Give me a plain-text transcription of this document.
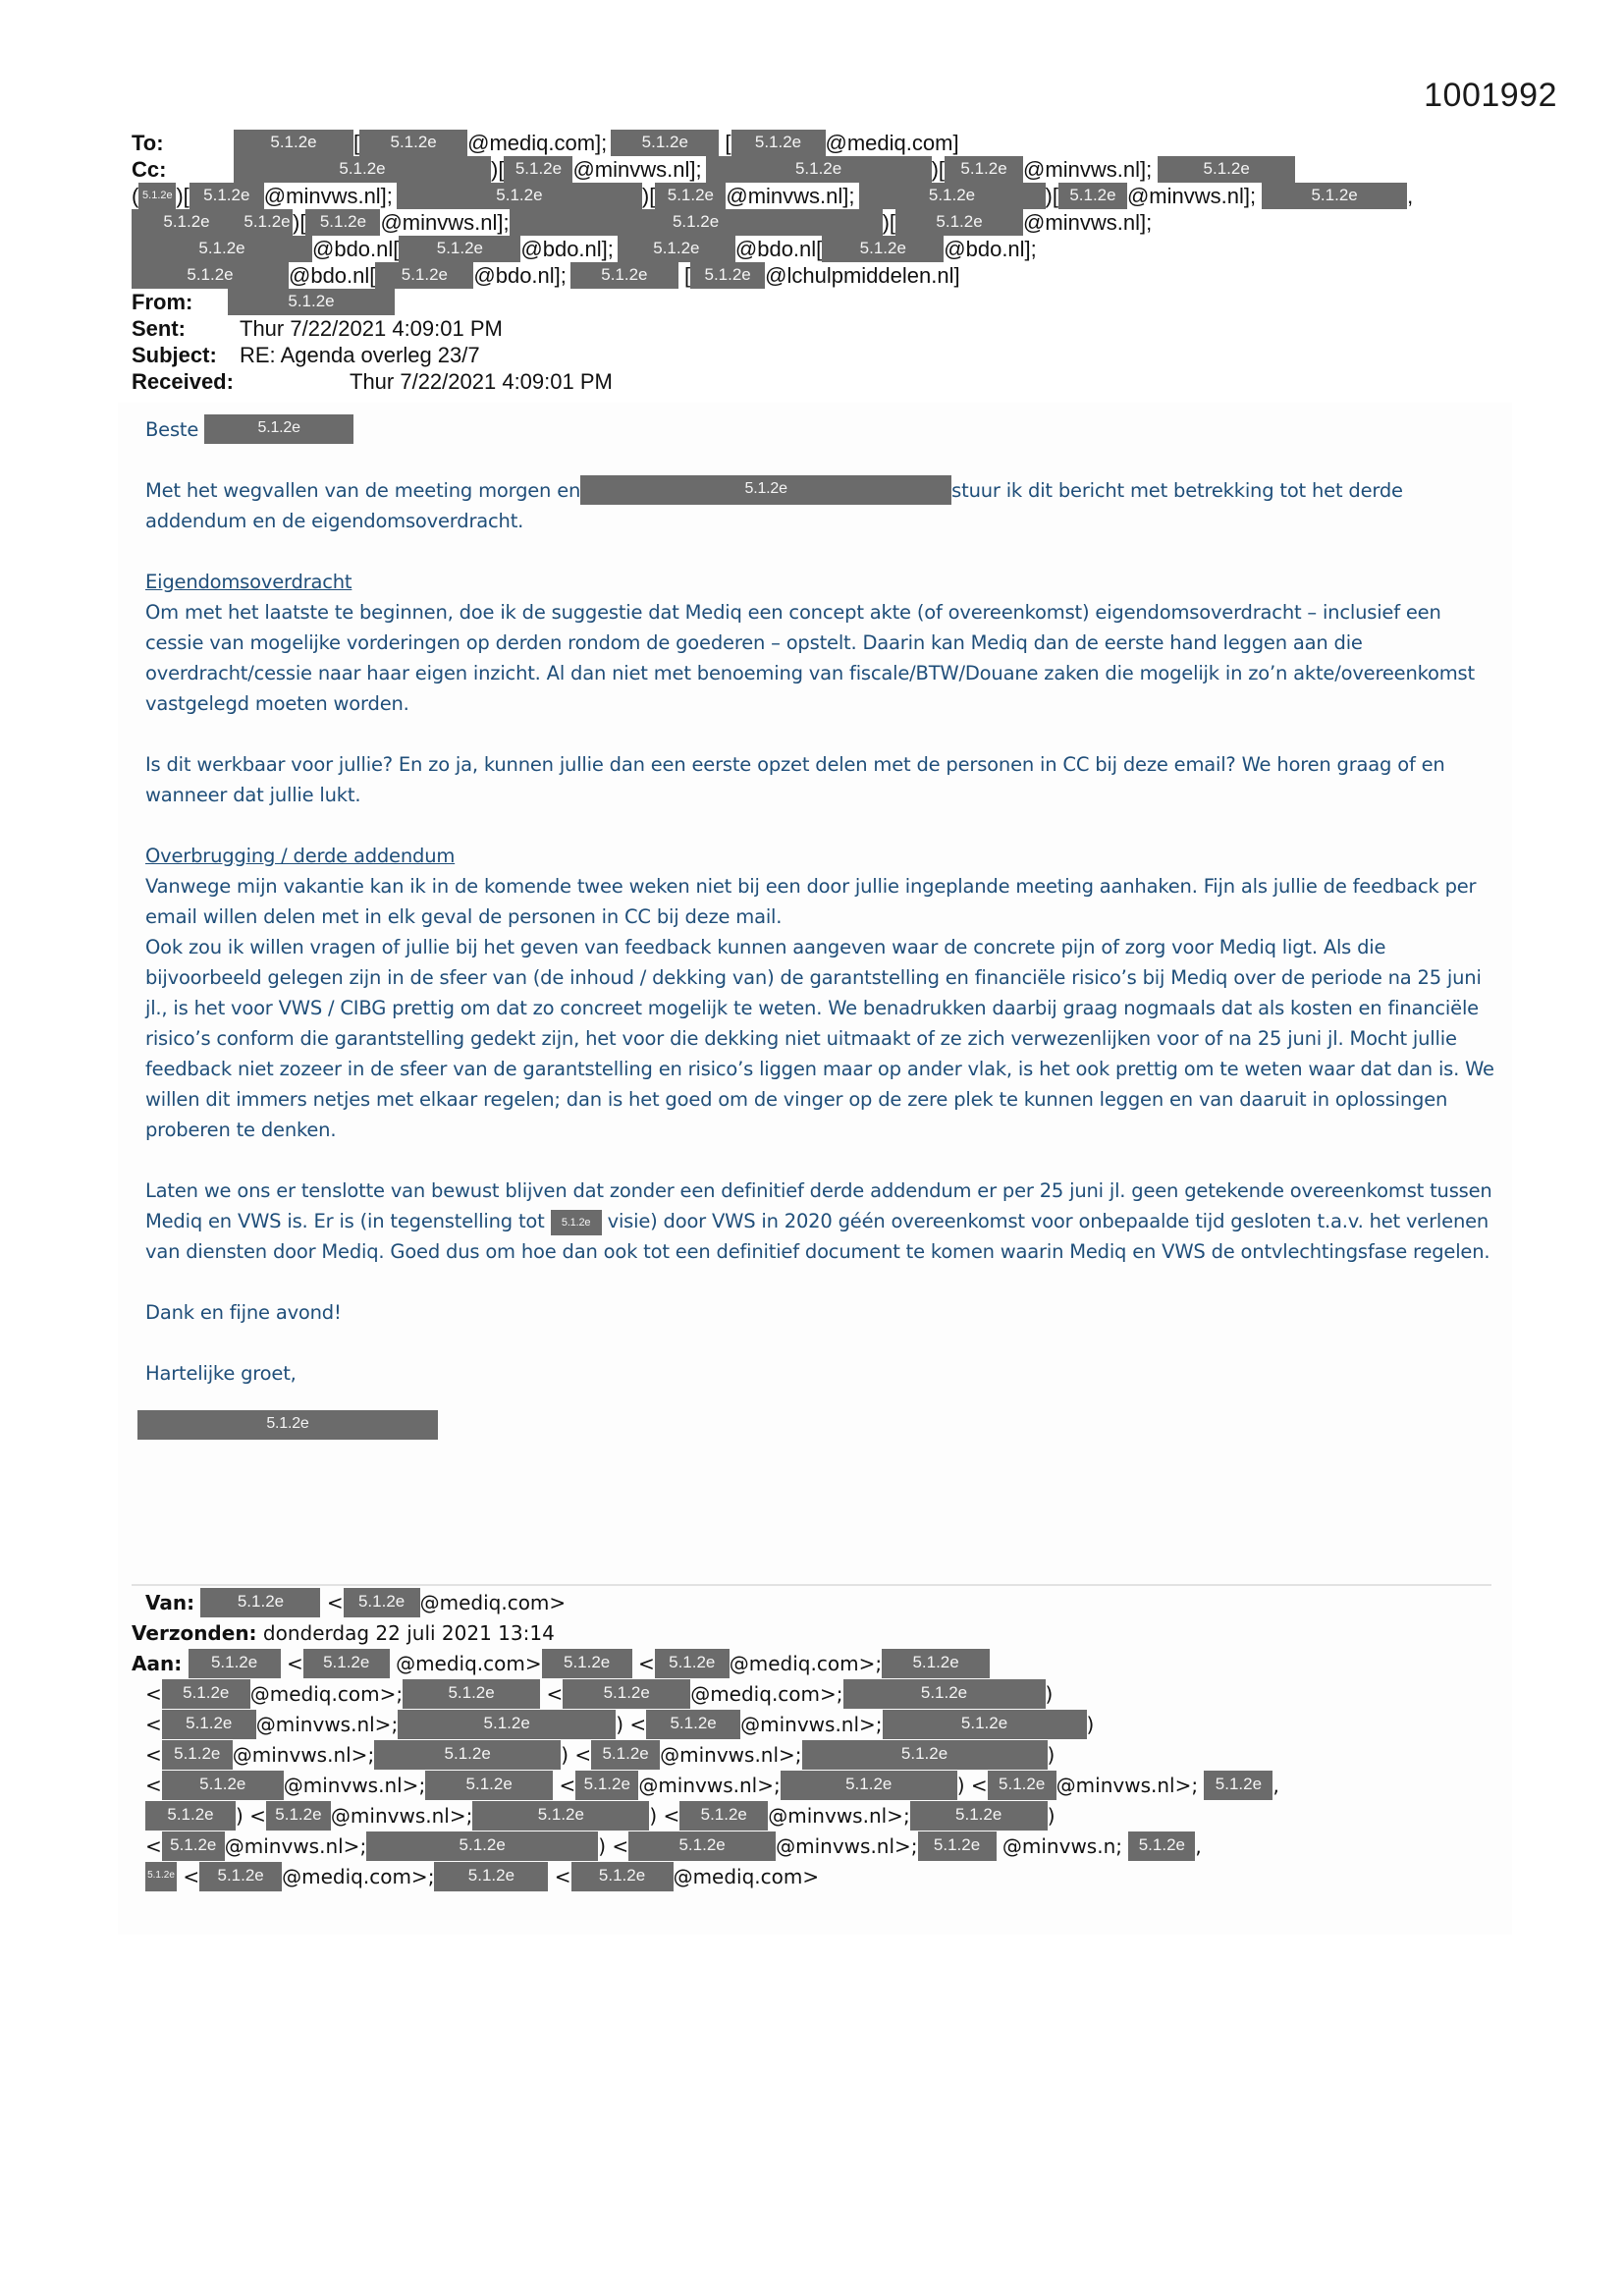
1001992
To:	5.1.2e [ 5.1.2e @mediq.com]; 5.1.2e [ 5.1.2e @mediq.com]
Cc:	5.1.2e	)[ 5.1.2e @minvws.nl];	5.1.2e	)[ 5.1.2e @minvws.nl];	5.1.2e
( 5.1.2e )[ 5.1.2e @minvws.nl];	5.1.2e	)[ 5.1.2e @minvws.nl];	5.1.2e	)[ 5.1.2e @minvws.nl];	5.1.2e ,
5.1.2e 5.1.2e )[ 5.1.2e @minvws.nl];	5.1.2e	)[ 5.1.2e @minvws.nl];
5.1.2e	@bdo.nl[ 5.1.2e @bdo.nl]; 5.1.2e @bdo.nl[ 5.1.2e @bdo.nl];
5.1.2e	@bdo.nl[ 5.1.2e @bdo.nl]; 5.1.2e [ 5.1.2e @lchulpmiddelen.nl]
From:	5.1.2e
Sent:	Thur 7/22/2021 4:09:01 PM
Subject: RE: Agenda overleg 23/7
Received:	Thur 7/22/2021 4:09:01 PM

Beste	5.1.2e

Met het wegvallen van de meeting morgen en	5.1.2e	stuur ik dit bericht met betrekking tot het derde addendum en de eigendomsoverdracht.

Eigendomsoverdracht

Om met het laatste te beginnen, doe ik de suggestie dat Mediq een concept akte (of overeenkomst) eigendomsoverdracht – inclusief een cessie van mogelijke vorderingen op derden rondom de goederen – opstelt. Daarin kan Mediq dan de eerste hand leggen aan die overdracht/cessie naar haar eigen inzicht. Al dan niet met benoeming van fiscale/BTW/Douane zaken die mogelijk in zo’n akte/overeenkomst vastgelegd moeten worden.

Is dit werkbaar voor jullie? En zo ja, kunnen jullie dan een eerste opzet delen met de personen in CC bij deze email? We horen graag of en wanneer dat jullie lukt.

Overbrugging / derde addendum
Vanwege mijn vakantie kan ik in de komende twee weken niet bij een door jullie ingeplande meeting aanhaken. Fijn als jullie de feedback per email willen delen met in elk geval de personen in CC bij deze mail.

Ook zou ik willen vragen of jullie bij het geven van feedback kunnen aangeven waar de concrete pijn of zorg voor Mediq ligt. Als die bijvoorbeeld gelegen zijn in de sfeer van (de inhoud / dekking van) de garantstelling en financiële risico’s bij Mediq over de periode na 25 juni jl., is het voor VWS / CIBG prettig om dat zo concreet mogelijk te weten. We benadrukken daarbij graag nogmaals dat als kosten en financiële risico’s conform die garantstelling gedekt zijn, het voor die dekking niet uitmaakt of ze zich verwezenlijken voor of na 25 juni jl. Mocht jullie feedback niet zozeer in de sfeer van de garantstelling en risico’s liggen maar op ander vlak, is het ook prettig om te weten waar dat dan is. We willen dit immers netjes met elkaar regelen; dan is het goed om de vinger op de zere plek te kunnen leggen en van daaruit in oplossingen proberen te denken.

Laten we ons er tenslotte van bewust blijven dat zonder een definitief derde addendum er per 25 juni jl. geen getekende overeenkomst tussen Mediq en VWS is. Er is (in tegenstelling tot 5.1.2e visie) door VWS in 2020 géén overeenkomst voor onbepaalde tijd gesloten t.a.v. het verlenen van diensten door Mediq. Goed dus om hoe dan ook tot een definitief document te komen waarin Mediq en VWS de ontvlechtingsfase regelen.

Dank en fijne avond!

Hartelijke groet,

5.1.2e
Van:	5.1.2e < 5.1.2e @mediq.com>
Verzonden: donderdag 22 juli 2021 13:14
Aan: 5.1.2e < 5.1.2e @mediq.com> 5.1.2e < 5.1.2e @mediq.com>; 5.1.2e
< 5.1.2e @mediq.com>;	5.1.2e	< 5.1.2e @mediq.com>;	5.1.2e	)
< 5.1.2e @minvws.nl>;	5.1.2e	) < 5.1.2e @minvws.nl>;	5.1.2e	)
< 5.1.2e @minvws.nl>;	5.1.2e	) < 5.1.2e @minvws.nl>;	5.1.2e	)
< 5.1.2e @minvws.nl>; 5.1.2e < 5.1.2e @minvws.nl>;	5.1.2e	) < 5.1.2e @minvws.nl>; 5.1.2e ,
5.1.2e ) < 5.1.2e @minvws.nl>;	5.1.2e	) < 5.1.2e @minvws.nl>;	5.1.2e )
< 5.1.2e @minvws.nl>;	5.1.2e	) <	5.1.2e	@minvws.nl>; 5.1.2e @minvws.n; 5.1.2e ,
5.1.2e < 5.1.2e @mediq.com>; 5.1.2e < 5.1.2e @mediq.com>
